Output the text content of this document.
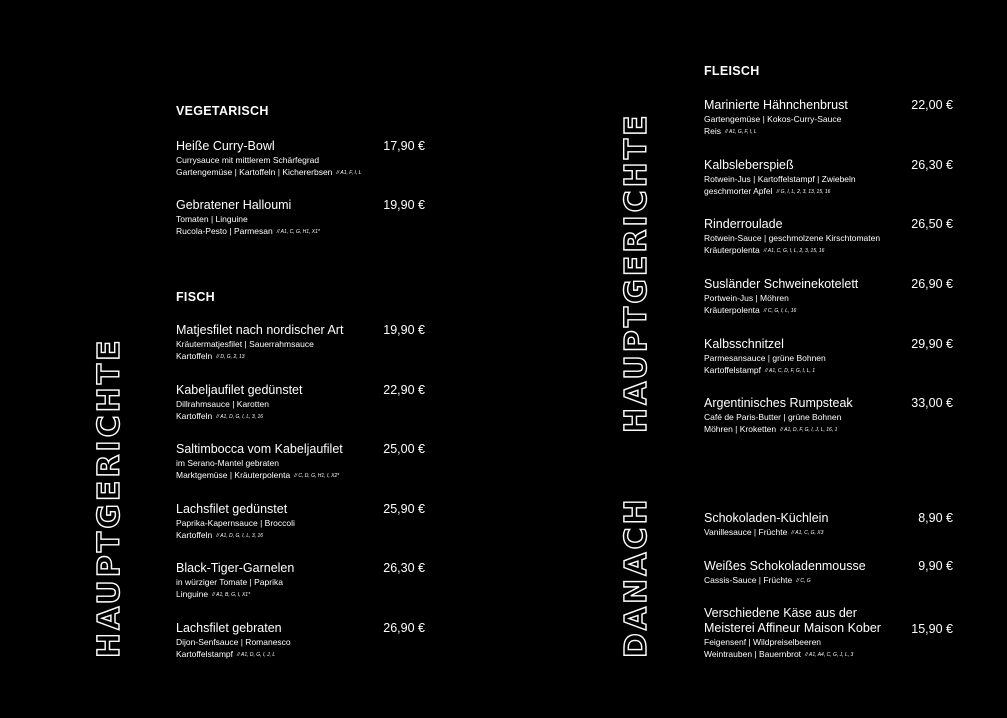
HAUPTGERICHTE
HAUPTGERICHTE
DANACH
VEGETARISCH
FISCH
FLEISCH
Heiße Curry-Bowl	17,90 €
Currysauce mit mittlerem Schärfegrad
Gartengemüse | Kartoffeln | Kichererbsen // A1, F, I, L
Gebratener Halloumi	19,90 €
Tomaten | Linguine
Rucola-Pesto | Parmesan // A1, C, G, H1, X1*
Matjesfilet nach nordischer Art	19,90 €
Kräutermatjesfilet | Sauerrahmsauce
Kartoffeln // D, G, 2, 13
Kabeljaufilet gedünstet	22,90 €
Dillrahmsauce | Karotten
Kartoffeln // A1, D, G, I, L, 3, 16
Saltimbocca vom Kabeljaufilet	25,00 €
im Serano-Mantel gebraten
Marktgemüse | Kräuterpolenta // C, D, G, H1, I, X2*
Lachsfilet gedünstet	25,90 €
Paprika-Kapernsauce | Broccoli
Kartoffeln // A1, D, G, I, L, 3, 16
Black-Tiger-Garnelen	26,30 €
in würziger Tomate | Paprika
Linguine // A1, B, G, I, X1*
Lachsfilet gebraten	26,90 €
Dijon-Senfsauce | Romanesco
Kartoffelstampf // A1, D, G, I, J, L
Marinierte Hähnchenbrust	22,00 €
Gartengemüse | Kokos-Curry-Sauce
Reis // A1, G, F, I, L
Kalbsleberspieß	26,30 €
Rotwein-Jus | Kartoffelstampf | Zwiebeln
geschmorter Apfel // G, I, L, 2, 3, 13, 15, 16
Rinderroulade	26,50 €
Rotwein-Sauce | geschmolzene Kirschtomaten
Kräuterpolenta // A1, C, G, I, L, 2, 3, 15, 16
Susländer Schweinekotelett	26,90 €
Portwein-Jus | Möhren
Kräuterpolenta // C, G, I, L, 16
Kalbsschnitzel	29,90 €
Parmesansauce | grüne Bohnen
Kartoffelstampf // A1, C, D, F, G, I, L, 1
Argentinisches Rumpsteak	33,00 €
Café de Paris-Butter | grüne Bohnen
Möhren | Kroketten // A1, D, F, G, I, J, L, 16, 1
Schokoladen-Küchlein	8,90 €
Vanillesauce | Früchte // A1, C, G, X3
Weißes Schokoladenmousse	9,90 €
Cassis-Sauce | Früchte // C, G
Verschiedene Käse aus der Meisterei Affineur Maison Kober	15,90 €
Feigensenf | Wildpreiselbeeren
Weintrauben | Bauernbrot // A1, A4, C, G, J, L, 3
